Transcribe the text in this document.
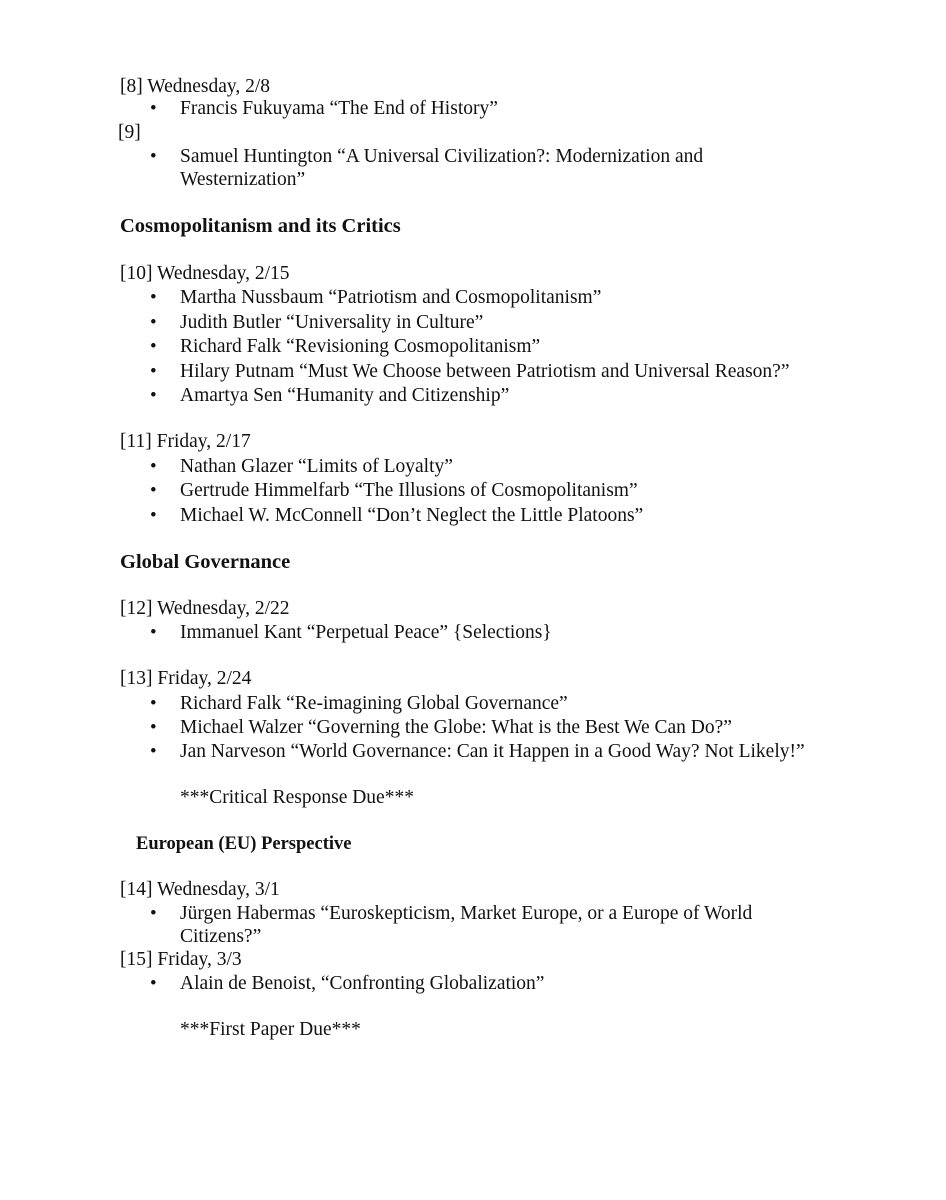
[8] Wednesday, 2/8

• Francis Fukuyama “The End of History”

[9]

• Samuel Huntington “A Universal Civilization?: Modernization and

Westernization”

Cosmopolitanism and its Critics

[10] Wednesday, 2/15

• Martha Nussbaum “Patriotism and Cosmopolitanism”

• Judith Butler “Universality in Culture”

• Richard Falk “Revisioning Cosmopolitanism”

• Hilary Putnam “Must We Choose between Patriotism and Universal Reason?”

• Amartya Sen “Humanity and Citizenship”

[11] Friday, 2/17

• Nathan Glazer “Limits of Loyalty”

• Gertrude Himmelfarb “The Illusions of Cosmopolitanism”

• Michael W. McConnell “Don’t Neglect the Little Platoons”

Global Governance

[12] Wednesday, 2/22

• Immanuel Kant “Perpetual Peace” {Selections}

[13] Friday, 2/24

• Richard Falk “Re-imagining Global Governance”

• Michael Walzer “Governing the Globe: What is the Best We Can Do?”

• Jan Narveson “World Governance: Can it Happen in a Good Way? Not Likely!”

***Critical Response Due***

European (EU) Perspective

[14] Wednesday, 3/1

• Jürgen Habermas “Euroskepticism, Market Europe, or a Europe of World

Citizens?”

[15] Friday, 3/3

• Alain de Benoist, “Confronting Globalization”

***First Paper Due***
